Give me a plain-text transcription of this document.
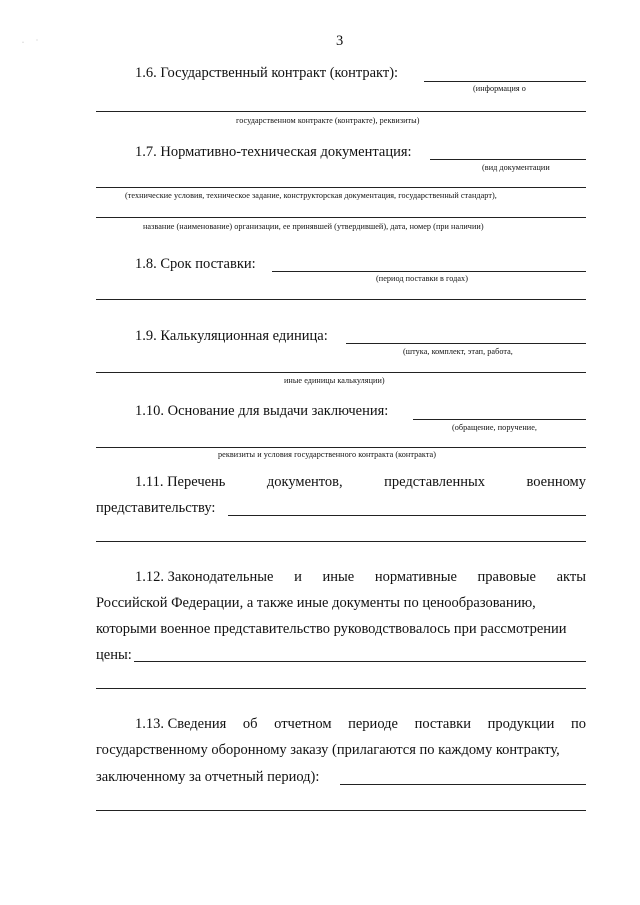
·        ˈ	3
1.6. Государственный контракт (контракт):
(информация о
государственном контракте (контракте), реквизиты)
1.7. Нормативно-техническая документация:
(вид документации
(технические условия, техническое задание, конструкторская документация, государственный стандарт),
название (наименование) организации, ее принявшей (утвердившей), дата, номер (при наличии)
1.8. Срок поставки:
(период поставки в годах)
1.9. Калькуляционная единица:
(штука, комплект, этап, работа,
иные единицы калькуляции)
1.10. Основание для выдачи заключения:
(обращение, поручение,
реквизиты и условия государственного контракта (контракта)
1.11. Перечень	документов,	представленных	военному
представительству:
1.12. Законодательные и иные нормативные правовые акты
Российской Федерации, а также иные документы по ценообразованию,
которыми военное представительство руководствовалось при рассмотрении
цены:
1.13. Сведения об отчетном периоде поставки продукции по
государственному оборонному заказу (прилагаются по каждому контракту,
заключенному за отчетный период):
